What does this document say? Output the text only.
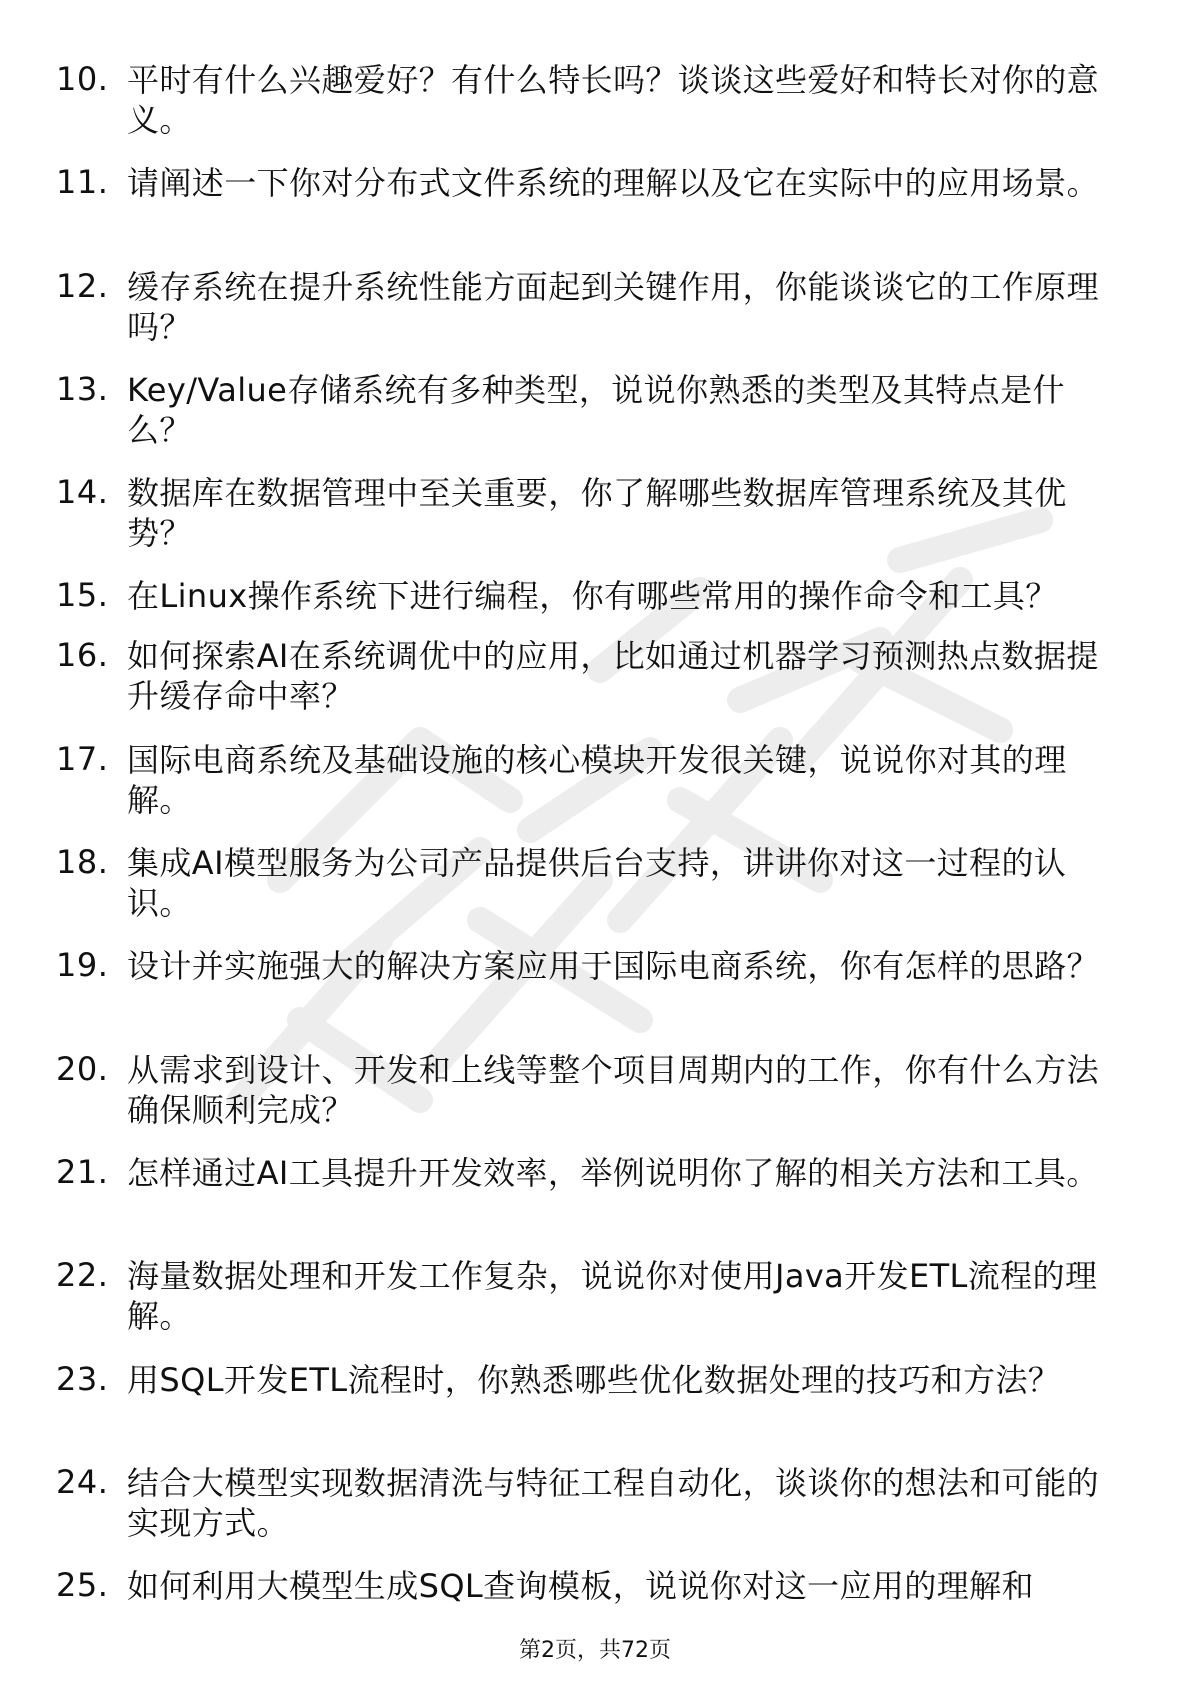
10. 平时有什么兴趣爱好？有什么特长吗？谈谈这些爱好和特长对你的意义。
11. 请阐述一下你对分布式文件系统的理解以及它在实际中的应用场景。
12. 缓存系统在提升系统性能方面起到关键作用，你能谈谈它的工作原理吗？
13. Key/Value存储系统有多种类型，说说你熟悉的类型及其特点是什么？
14. 数据库在数据管理中至关重要，你了解哪些数据库管理系统及其优势？
15. 在Linux操作系统下进行编程，你有哪些常用的操作命令和工具？
16. 如何探索AI在系统调优中的应用，比如通过机器学习预测热点数据提升缓存命中率？
17. 国际电商系统及基础设施的核心模块开发很关键，说说你对其的理解。
18. 集成AI模型服务为公司产品提供后台支持，讲讲你对这一过程的认识。
19. 设计并实施强大的解决方案应用于国际电商系统，你有怎样的思路？
20. 从需求到设计、开发和上线等整个项目周期内的工作，你有什么方法确保顺利完成？
21. 怎样通过AI工具提升开发效率，举例说明你了解的相关方法和工具。
22. 海量数据处理和开发工作复杂，说说你对使用Java开发ETL流程的理解。
23. 用SQL开发ETL流程时，你熟悉哪些优化数据处理的技巧和方法？
24. 结合大模型实现数据清洗与特征工程自动化，谈谈你的想法和可能的实现方式。
25. 如何利用大模型生成SQL查询模板，说说你对这一应用的理解和
第2页，共72页
